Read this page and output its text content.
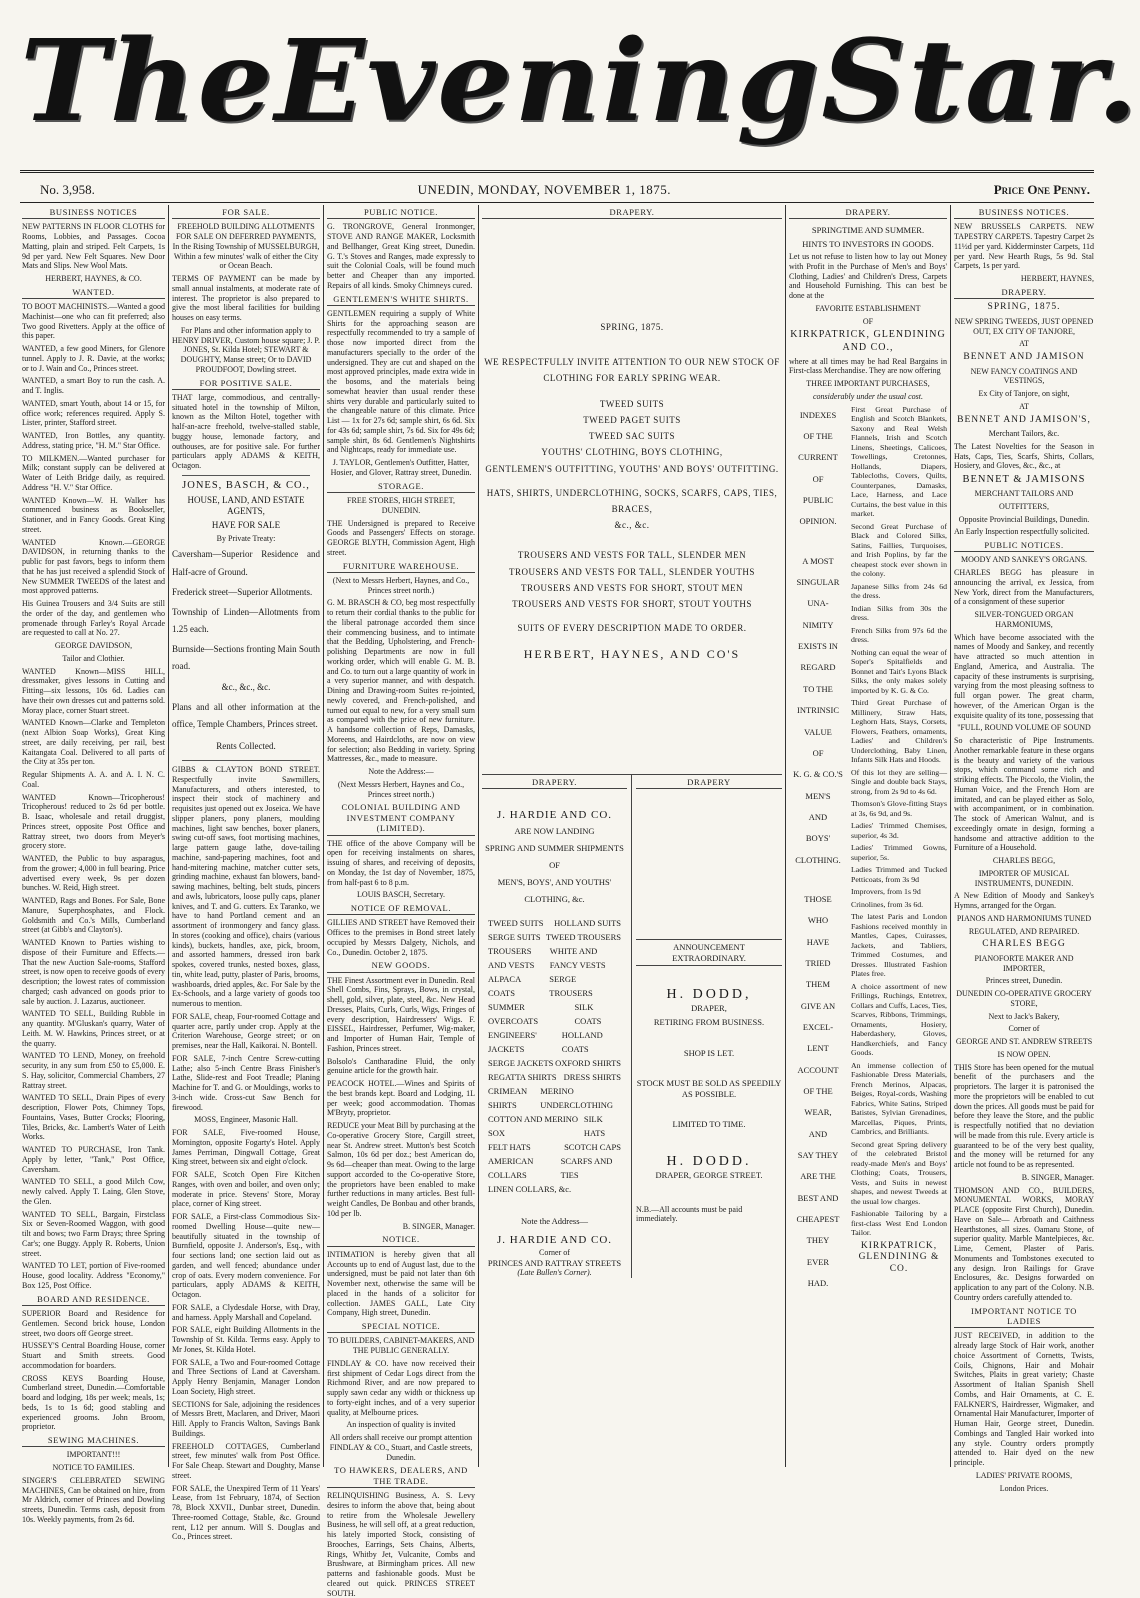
The Evening Star.
No. 3,958.	UNEDIN, MONDAY, NOVEMBER 1, 1875.	Price One Penny.
BUSINESS NOTICES

NEW PATTERNS IN FLOOR CLOTHS for Rooms, Lobbies, and Passages. Cocoa Matting, plain and striped. Felt Carpets, 1s 9d per yard. New Felt Squares. New Door Mats and Slips. New Wool Mats.

HERBERT, HAYNES, & CO.

WANTED.

TO BOOT MACHINISTS.—Wanted a good Machinist—one who can fit preferred; also Two good Rivetters. Apply at the office of this paper.

WANTED, a few good Miners, for Glenore tunnel. Apply to J. R. Davie, at the works; or to J. Wain and Co., Princes street.

WANTED, a smart Boy to run the cash. A. and T. Inglis.

WANTED, smart Youth, about 14 or 15, for office work; references required. Apply S. Lister, printer, Stafford street.

WANTED, Iron Bottles, any quantity. Address, stating price, "H. M." Star Office.

TO MILKMEN.—Wanted purchaser for Milk; constant supply can be delivered at Water of Leith Bridge daily, as required. Address "H. V." Star Office.

WANTED Known—W. H. Walker has commenced business as Bookseller, Stationer, and in Fancy Goods. Great King street.

WANTED Known.—GEORGE DAVIDSON, in returning thanks to the public for past favors, begs to inform them that he has just received a splendid Stock of New SUMMER TWEEDS of the latest and most approved patterns.

His Guinea Trousers and 3/4 Suits are still the order of the day, and gentlemen who promenade through Farley's Royal Arcade are requested to call at No. 27.

GEORGE DAVIDSON,

Tailor and Clothier.

WANTED Known—MISS HILL, dressmaker, gives lessons in Cutting and Fitting—six lessons, 10s 6d. Ladies can have their own dresses cut and patterns sold. Moray place, corner Stuart street.

WANTED Known—Clarke and Templeton (next Albion Soap Works), Great King street, are daily receiving, per rail, best Kaitangata Coal. Delivered to all parts of the City at 35s per ton.

Regular Shipments A. A. and A. I. N. C. Coal.

WANTED Known—Tricopherous! Tricopherous! reduced to 2s 6d per bottle. B. Isaac, wholesale and retail druggist, Princes street, opposite Post Office and Rattray street, two doors from Meyer's grocery store.

WANTED, the Public to buy asparagus, from the grower; 4,000 in full bearing. Price advertised every week, 9s per dozen bunches. W. Reid, High street.

WANTED, Rags and Bones. For Sale, Bone Manure, Superphosphates, and Flock. Goldsmith and Co.'s Mills, Cumberland street (at Gibb's and Clayton's).

WANTED Known to Parties wishing to dispose of their Furniture and Effects.—That the new Auction Sale-rooms, Stafford street, is now open to receive goods of every description; the lowest rates of commission charged; cash advanced on goods prior to sale by auction. J. Lazarus, auctioneer.

WANTED TO SELL, Building Rubble in any quantity. M'Gluskan's quarry, Water of Leith. M. W. Hawkins, Princes street, or at the quarry.

WANTED TO LEND, Money, on freehold security, in any sum from £50 to £5,000. E. S. Hay, solicitor, Commercial Chambers, 27 Rattray street.

WANTED TO SELL, Drain Pipes of every description, Flower Pots, Chimney Tops, Fountains, Vases, Butter Crocks; Flooring, Tiles, Bricks, &c. Lambert's Water of Leith Works.

WANTED TO PURCHASE, Iron Tank. Apply by letter, "Tank," Post Office, Caversham.

WANTED TO SELL, a good Milch Cow, newly calved. Apply T. Laing, Glen Stove, the Glen.

WANTED TO SELL, Bargain, Firstclass Six or Seven-Roomed Waggon, with good tilt and bows; two Farm Drays; three Spring Car's; one Buggy. Apply R. Roberts, Union street.

WANTED TO LET, portion of Five-roomed House, good locality. Address "Economy," Box 125, Post Office.

BOARD AND RESIDENCE.

SUPERIOR Board and Residence for Gentlemen. Second brick house, London street, two doors off George street.

HUSSEY'S Central Boarding House, corner Stuart and Smith streets. Good accommodation for boarders.

CROSS KEYS Boarding House, Cumberland street, Dunedin.—Comfortable board and lodging, 18s per week; meals, 1s; beds, 1s to 1s 6d; good stabling and experienced grooms. John Broom, proprietor.

SEWING MACHINES.

IMPORTANT!!!

NOTICE TO FAMILIES.

SINGER'S CELEBRATED SEWING MACHINES, Can be obtained on hire, from Mr Aldrich, corner of Princes and Dowling streets, Dunedin. Terms cash, deposit from 10s. Weekly payments, from 2s 6d.

FOR SALE.

FREEHOLD BUILDING ALLOTMENTS FOR SALE ON DEFERRED PAYMENTS, In the Rising Township of MUSSELBURGH, Within a few minutes' walk of either the City or Ocean Beach.

TERMS OF PAYMENT can be made by small annual instalments, at moderate rate of interest. The proprietor is also prepared to give the most liberal facilities for building houses on easy terms.

For Plans and other information apply to HENRY DRIVER, Custom house square; J. P. JONES, St. Kilda Hotel; STEWART & DOUGHTY, Manse street; Or to DAVID PROUDFOOT, Dowling street.

FOR POSITIVE SALE.

THAT large, commodious, and centrally-situated hotel in the township of Milton, known as the Milton Hotel, together with half-an-acre freehold, twelve-stalled stable, buggy house, lemonade factory, and outhouses, are for positive sale. For further particulars apply ADAMS & KEITH, Octagon.

JONES, BASCH, & CO.,

HOUSE, LAND, AND ESTATE AGENTS,

HAVE FOR SALE

By Private Treaty:

Caversham—Superior Residence and Half-acre of Ground.

Frederick street—Superior Allotments.

Township of Linden—Allotments from 1.25 each.

Burnside—Sections fronting Main South road.

&c., &c., &c.

Plans and all other information at the office, Temple Chambers, Princes street.

Rents Collected.

GIBBS & CLAYTON BOND STREET. Respectfully invite Sawmillers, Manufacturers, and others interested, to inspect their stock of machinery and requisites just opened out ex Joseica. We have slipper planers, pony planers, moulding machines, light saw benches, boxer planers, swing cut-off saws, foot mortising machines, large pattern gauge lathe, dove-tailing machine, sand-papering machines, foot and hand-mitering machine, matcher cutter sets, grinding machine, exhaust fan blowers, band-sawing machines, belting, belt studs, pincers and awls, lubricators, loose pully caps, planer knives, and T. and G. cutters. Ex Taranko, we have to hand Portland cement and an assortment of ironmongery and fancy glass. In stores (cooking and office), chairs (various kinds), buckets, handles, axe, pick, broom, and assorted hammers, dressed iron bark spokes, covered trunks, nested boxes, glass, tin, white lead, putty, plaster of Paris, brooms, washboards, dried apples, &c. For Sale by the Ex-Schools, and a large variety of goods too numerous to mention.

FOR SALE, cheap, Four-roomed Cottage and quarter acre, partly under crop. Apply at the Criterion Warehouse, George street; or on premises, near the Hall, Kaikorai. N. Bontell.

FOR SALE, 7-inch Centre Screw-cutting Lathe; also 5-inch Centre Brass Finisher's Lathe, Slide-rest and Foot Treadle; Planing Machine for T. and G. or Mouldings, works to 3-inch wide. Cross-cut Saw Bench for firewood.

MOSS, Engineer, Masonic Hall.

FOR SALE, Five-roomed House, Mornington, opposite Fogarty's Hotel. Apply James Perriman, Dingwall Cottage, Great King street, between six and eight o'clock.

FOR SALE, Scotch Open Fire Kitchen Ranges, with oven and boiler, and oven only; moderate in price. Stevens' Store, Moray place, corner of King street.

FOR SALE, a First-class Commodious Six-roomed Dwelling House—quite new—beautifully situated in the township of Burnfield, opposite J. Anderson's, Esq., with four sections land; one section laid out as garden, and well fenced; abundance under crop of oats. Every modern convenience. For particulars, apply ADAMS & KEITH, Octagon.

FOR SALE, a Clydesdale Horse, with Dray, and harness. Apply Marshall and Copeland.

FOR SALE, eight Building Allotments in the Township of St. Kilda. Terms easy. Apply to Mr Jones, St. Kilda Hotel.

FOR SALE, a Two and Four-roomed Cottage and Three Sections of Land at Caversham. Apply Henry Benjamin, Manager London Loan Society, High street.

SECTIONS for Sale, adjoining the residences of Messrs Brett, Maclaren, and Driver, Maori Hill. Apply to Francis Walton, Savings Bank Buildings.

FREEHOLD COTTAGES, Cumberland street, few minutes' walk from Post Office. For Sale Cheap. Stewart and Doughty, Manse street.

FOR SALE, the Unexpired Term of 11 Years' Lease, from 1st February, 1874, of Section 78, Block XXVII., Dunbar street, Dunedin. Three-roomed Cottage, Stable, &c. Ground rent, L12 per annum. Will S. Douglas and Co., Princes street.

PUBLIC NOTICE.

G. TRONGROVE, General Ironmonger, STOVE AND RANGE MAKER, Locksmith and Bellhanger, Great King street, Dunedin. G. T.'s Stoves and Ranges, made expressly to suit the Colonial Coals, will be found much better and Cheaper than any imported. Repairs of all kinds. Smoky Chimneys cured.

GENTLEMEN'S WHITE SHIRTS.

GENTLEMEN requiring a supply of White Shirts for the approaching season are respectfully recommended to try a sample of those now imported direct from the manufacturers specially to the order of the undersigned. They are cut and shaped on the most approved principles, made extra wide in the bosoms, and the materials being somewhat heavier than usual render these shirts very durable and particularly suited to the changeable nature of this climate. Price List — 1x for 27s 6d; sample shirt, 6s 6d. Six for 43s 6d; sample shirt, 7s 6d. Six for 49s 6d; sample shirt, 8s 6d. Gentlemen's Nightshirts and Nightcaps, ready for immediate use.

J. TAYLOR, Gentlemen's Outfitter, Hatter, Hosier, and Glover, Rattray street, Dunedin.

STORAGE.

FREE STORES, HIGH STREET, DUNEDIN.

THE Undersigned is prepared to Receive Goods and Passengers' Effects on storage. GEORGE BLYTH, Commission Agent, High street.

FURNITURE WAREHOUSE.

(Next to Messrs Herbert, Haynes, and Co., Princes street north.)

G. M. BRASCH & CO, beg most respectfully to return their cordial thanks to the public for the liberal patronage accorded them since their commencing business, and to intimate that the Bedding, Upholstering, and French-polishing Departments are now in full working order, which will enable G. M. B. and Co. to turn out a large quantity of work in a very superior manner, and with despatch. Dining and Drawing-room Suites re-jointed, newly covered, and French-polished, and turned out equal to new, for a very small sum as compared with the price of new furniture. A handsome collection of Reps, Damasks, Moreens, and Hairdcloths, are now on view for selection; also Bedding in variety. Spring Mattresses, &c., made to measure.

Note the Address:—

(Next Messrs Herbert, Haynes and Co., Princes street north.)

COLONIAL BUILDING AND INVESTMENT COMPANY (LIMITED).

THE office of the above Company will be open for receiving instalments on shares, issuing of shares, and receiving of deposits, on Monday, the 1st day of November, 1875, from half-past 6 to 8 p.m.

LOUIS BASCH, Secretary.

NOTICE OF REMOVAL.

GILLIES AND STREET have Removed their Offices to the premises in Bond street lately occupied by Messrs Dalgety, Nichols, and Co., Dunedin. October 2, 1875.

NEW GOODS.

THE Finest Assortment ever in Dunedin. Real Shell Combs, Fins, Sprays, Bows, in crystal, shell, gold, silver, plate, steel, &c. New Head Dresses, Plaits, Curls, Curls, Wigs, Fringes of every description, Hairdressers' Wigs. F. EISSEL, Hairdresser, Perfumer, Wig-maker, and Importer of Human Hair, Temple of Fashion, Princes street.

Bolsolo's Cantharadine Fluid, the only genuine article for the growth hair.

PEACOCK HOTEL.—Wines and Spirits of the best brands kept. Board and Lodging, 1L per week; good accommodation. Thomas M'Bryty, proprietor.

REDUCE your Meat Bill by purchasing at the Co-operative Grocery Store, Cargill street, near St. Andrew street. Mutton's best Scotch Salmon, 10s 6d per doz.; best American do, 9s 6d—cheaper than meat. Owing to the large support accorded to the Co-operative Store, the proprietors have been enabled to make further reductions in many articles. Best full-weight Candles, De Bonbau and other brands, 10d per lb.

B. SINGER, Manager.

NOTICE.

INTIMATION is hereby given that all Accounts up to end of August last, due to the undersigned, must be paid not later than 6th November next, otherwise the same will be placed in the hands of a solicitor for collection. JAMES GALL, Late City Company, High street, Dunedin.

SPECIAL NOTICE.

TO BUILDERS, CABINET-MAKERS, AND THE PUBLIC GENERALLY.

FINDLAY & CO. have now received their first shipment of Cedar Logs direct from the Richmond River, and are now prepared to supply sawn cedar any width or thickness up to forty-eight inches, and of a very superior quality, at Melbourne prices.

An inspection of quality is invited

All orders shall receive our prompt attention FINDLAY & CO., Stuart, and Castle streets, Dunedin.

TO HAWKERS, DEALERS, AND THE TRADE.

RELINQUISHING Business, A. S. Levy desires to inform the above that, being about to retire from the Wholesale Jewellery Business, he will sell off, at a great reduction, his lately imported Stock, consisting of Brooches, Earrings, Sets Chains, Alberts, Rings, Whitby Jet, Vulcanite, Combs and Brushware, at Birmingham prices. All new patterns and fashionable goods. Must be cleared out quick. PRINCES STREET SOUTH.

DRAPERY.
SPRING, 1875.
WE RESPECTFULLY INVITE ATTENTION TO OUR NEW STOCK OF
CLOTHING FOR EARLY SPRING WEAR.
TWEED SUITS
TWEED PAGET SUITS
TWEED SAC SUITS
YOUTHS' CLOTHING, BOYS CLOTHING,
GENTLEMEN'S OUTFITTING, YOUTHS' AND BOYS' OUTFITTING.
HATS, SHIRTS, UNDERCLOTHING, SOCKS, SCARFS, CAPS, TIES, BRACES,
&c., &c.
TROUSERS AND VESTS FOR TALL, SLENDER MEN
TROUSERS AND VESTS FOR TALL, SLENDER YOUTHS
TROUSERS AND VESTS FOR SHORT, STOUT MEN
TROUSERS AND VESTS FOR SHORT, STOUT YOUTHS
SUITS OF EVERY DESCRIPTION MADE TO ORDER.
HERBERT, HAYNES, AND CO'S
DRAPERY.
J. HARDIE AND CO.
ARE NOW LANDING
SPRING AND SUMMER SHIPMENTS
OF
MEN'S, BOYS', AND YOUTHS'
CLOTHING, &c.
TWEED SUITS HOLLAND SUITS
SERGE SUITS TWEED TROUSERS
TROUSERS AND VESTS
WHITE AND FANCY VESTS
ALPACA COATS
SERGE TROUSERS
SUMMER OVERCOATS
SILK COATS
ENGINEERS' JACKETS
HOLLAND COATS
SERGE JACKETS OXFORD SHIRTS
REGATTA SHIRTS DRESS SHIRTS
CRIMEAN SHIRTS
MERINO UNDERCLOTHING
COTTON AND MERINO SOX
SILK HATS
FELT HATS	SCOTCH CAPS
AMERICAN COLLARS
SCARFS AND TIES
LINEN COLLARS, &c.
Note the Address—
J. HARDIE AND CO.
Corner of
PRINCES AND RATTRAY STREETS
(Late Bullen's Corner).
DRAPERY
ANNOUNCEMENT EXTRAORDINARY.
H. DODD,
DRAPER,
RETIRING FROM BUSINESS.
SHOP IS LET.
STOCK MUST BE SOLD AS SPEEDILY AS POSSIBLE.
LIMITED TO TIME.
H. DODD.
DRAPER, GEORGE STREET.
N.B.—All accounts must be paid immediately.
DRAPERY.

SPRINGTIME AND SUMMER.

HINTS TO INVESTORS IN GOODS.

Let us not refuse to listen how to lay out Money with Profit in the Purchase of Men's and Boys' Clothing, Ladies' and Children's Dress, Carpets and Household Furnishing. This can best be done at the

FAVORITE ESTABLISHMENT

OF

KIRKPATRICK, GLENDINING AND CO.,

where at all times may be had Real Bargains in First-class Merchandise. They are now offering

THREE IMPORTANT PURCHASES,

considerably under the usual cost.

INDEXES
OF THE
CURRENT
OF
PUBLIC
OPINION.
A MOST
SINGULAR
UNA-
NIMITY
EXISTS IN
REGARD
TO THE
INTRINSIC
VALUE
OF
K. G. & CO.'S
MEN'S
AND
BOYS'
CLOTHING.
THOSE
WHO
HAVE
TRIED
THEM
GIVE AN
EXCEL-
LENT
ACCOUNT
OF THE
WEAR,
AND
SAY THEY
ARE THE
BEST AND
CHEAPEST
THEY
EVER
HAD.

First Great Purchase of English and Scotch Blankets, Saxony and Real Welsh Flannels, Irish and Scotch Linens, Sheetings, Calicoes, Towellings, Cretonnes, Hollands, Diapers, Tablecloths, Covers, Quilts, Counterpanes, Damasks, Lace, Harness, and Lace Curtains, the best value in this market.

Second Great Purchase of Black and Colored Silks, Satins, Faillies, Turquoises, and Irish Poplins, by far the cheapest stock ever shown in the colony.

Japanese Silks from 24s 6d the dress.

Indian Silks from 30s the dress.

French Silks from 97s 6d the dress.

Nothing can equal the wear of Soper's Spitalfields and Bonnet and Tait's Lyons Black Silks, the only makes solely imported by K. G. & Co.

Third Great Purchase of Millinery, Straw Hats, Leghorn Hats, Stays, Corsets, Flowers, Feathers, ornaments, Ladies' and Children's Underclothing, Baby Linen, Infants Silk Hats and Hoods.

Of this lot they are selling—Single and double back Stays, strong, from 2s 9d to 4s 6d.

Thomson's Glove-fitting Stays at 3s, 6s 9d, and 9s.

Ladies' Trimmed Chemises, superior, 4s 3d.

Ladies' Trimmed Gowns, superior, 5s.

Ladies Trimmed and Tucked Petticoats, from 3s 9d

Improvers, from 1s 9d

Crinolines, from 3s 6d.

The latest Paris and London Fashions received monthly in Mantles, Capes, Cuirasses, Jackets, and Tabliers, Trimmed Costumes, and Dresses. Illustrated Fashion Plates free.

A choice assortment of new Frillings, Ruchings, Entetrex, Collars and Cuffs, Laces, Ties, Scarves, Ribbons, Trimmings, Ornaments, Hosiery, Haberdashery, Gloves, Handkerchiefs, and Fancy Goods.

An immense collection of Fashionable Dress Materials, French Merinos, Alpacas, Beiges, Royal-cords, Washing Fabrics, White Satins, Striped Batistes, Sylvian Grenadines, Marcellas, Piques, Prints, Cambrics, and Brilliants.

Second great Spring delivery of the celebrated Bristol ready-made Men's and Boys' Clothing; Coats, Trousers, Vests, and Suits in newest shapes, and newest Tweeds at the usual low charges.

Fashionable Tailoring by a first-class West End London Tailor.

KIRKPATRICK, GLENDINING & CO.

BUSINESS NOTICES.

NEW BRUSSELS CARPETS. NEW TAPESTRY CARPETS. Tapestry Carpet 2s 11½d per yard. Kidderminster Carpets, 11d per yard. New Hearth Rugs, 5s 9d. Stal Carpets, 1s per yard.

HERBERT, HAYNES,

DRAPERY.

SPRING, 1875.

NEW SPRING TWEEDS, JUST OPENED OUT, EX CITY OF TANJORE,

AT

BENNET AND JAMISON

NEW FANCY COATINGS AND VESTINGS,

Ex City of Tanjore, on sight,

AT

BENNET AND JAMISON'S,

Merchant Tailors, &c.

The Latest Novelties for the Season in Hats, Caps, Ties, Scarfs, Shirts, Collars, Hosiery, and Gloves, &c., &c., at

BENNET & JAMISONS

MERCHANT TAILORS AND

OUTFITTERS,

Opposite Provincial Buildings, Dunedin.

An Early Inspection respectfully solicited.

PUBLIC NOTICES.

MOODY AND SANKEY'S ORGANS.

CHARLES BEGG has pleasure in announcing the arrival, ex Jessica, from New York, direct from the Manufacturers, of a consignment of these superior

SILVER-TONGUED ORGAN HARMONIUMS,

Which have become associated with the names of Moody and Sankey, and recently have attracted so much attention in England, America, and Australia. The capacity of these instruments is surprising, varying from the most pleasing softness to full organ power. The great charm, however, of the American Organ is the exquisite quality of its tone, possessing that

"FULL, ROUND VOLUME OF SOUND

So characteristic of Pipe Instruments. Another remarkable feature in these organs is the beauty and variety of the various stops, which command some rich and striking effects. The Piccolo, the Violin, the Human Voice, and the French Horn are imitated, and can be played either as Solo, with accompaniment, or in combination. The stock of American Walnut, and is exceedingly ornate in design, forming a handsome and attractive addition to the Furniture of a Household.

CHARLES BEGG,

IMPORTER OF MUSICAL INSTRUMENTS, DUNEDIN.

A New Edition of Moody and Sankey's Hymns, arranged for the Organ.

PIANOS AND HARMONIUMS TUNED

REGULATED, AND REPAIRED.

CHARLES BEGG

PIANOFORTE MAKER AND IMPORTER,

Princes street, Dunedin.

DUNEDIN CO-OPERATIVE GROCERY STORE,

Next to Jack's Bakery,

Corner of

GEORGE AND ST. ANDREW STREETS

IS NOW OPEN.

THIS Store has been opened for the mutual benefit of the purchasers and the proprietors. The larger it is patronised the more the proprietors will be enabled to cut down the prices. All goods must be paid for before they leave the Store, and the public is respectfully notified that no deviation will be made from this rule. Every article is guaranteed to be of the very best quality, and the money will be returned for any article not found to be as represented.

B. SINGER, Manager.

THOMSON AND CO., BUILDERS, MONUMENTAL WORKS, MORAY PLACE (opposite First Church), Dunedin. Have on Sale— Arbroath and Caithness Hearthstones, all sizes. Oamaru Stone, of superior quality. Marble Mantelpieces, &c. Lime, Cement, Plaster of Paris. Monuments and Tombstones executed to any design. Iron Railings for Grave Enclosures, &c. Designs forwarded on application to any part of the Colony. N.B. Country orders carefully attended to.

IMPORTANT NOTICE TO LADIES

JUST RECEIVED, in addition to the already large Stock of Hair work, another choice Assortment of Cornetts, Twists, Coils, Chignons, Hair and Mohair Switches, Plaits in great variety; Chaste Assortment of Italian Spanish Shell Combs, and Hair Ornaments, at C. E. FALKNER'S, Hairdresser, Wigmaker, and Ornamental Hair Manufacturer, Importer of Human Hair, George street, Dunedin. Combings and Tangled Hair worked into any style. Country orders promptly attended to. Hair dyed on the new principle.

LADIES' PRIVATE ROOMS,

London Prices.
